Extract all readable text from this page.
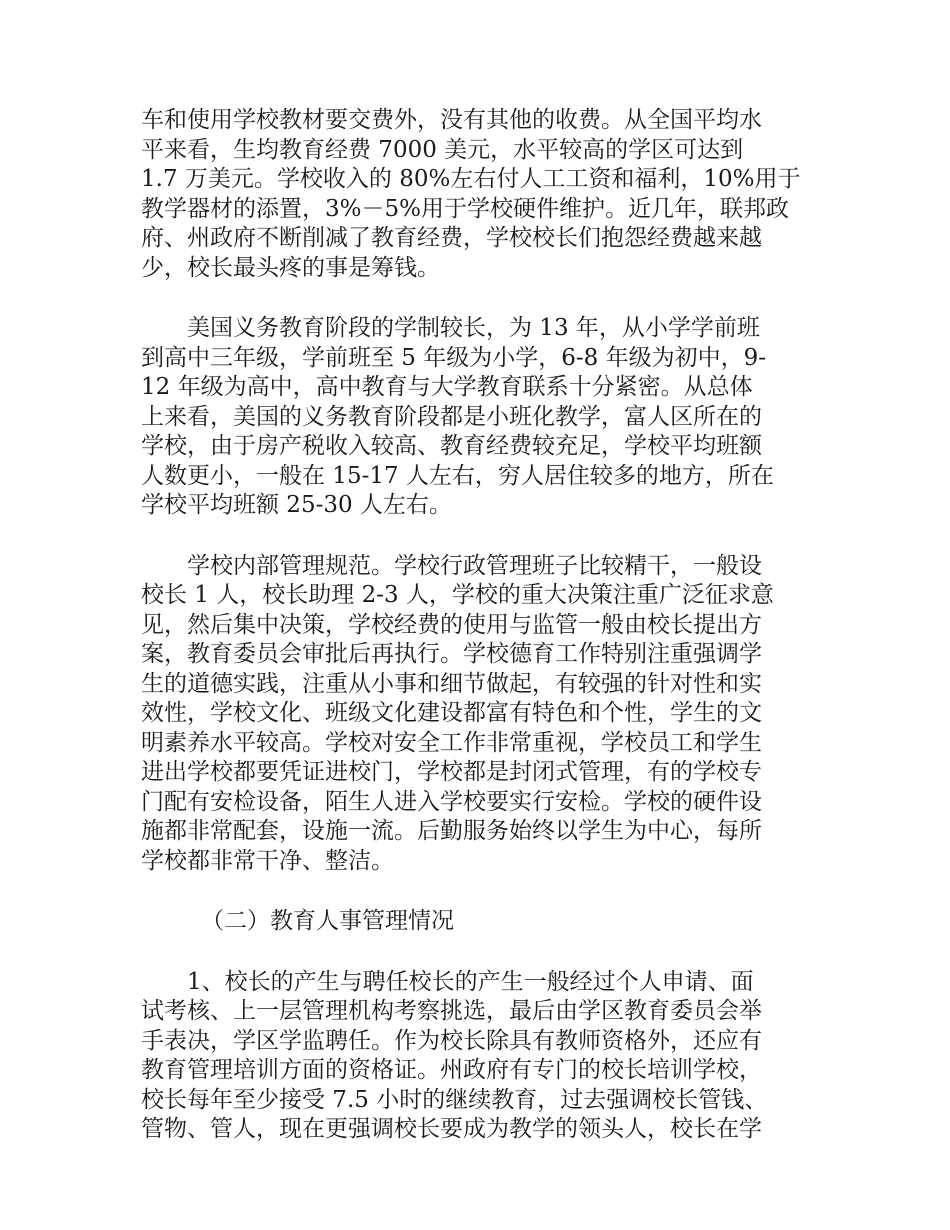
车和使用学校教材要交费外，没有其他的收费。从全国平均水
平来看，生均教育经费 7000 美元，水平较高的学区可达到
1.7 万美元。学校收入的 80%左右付人工工资和福利，10%用于
教学器材的添置，3%－5%用于学校硬件维护。近几年，联邦政
府、州政府不断削减了教育经费，学校校长们抱怨经费越来越
少，校长最头疼的事是筹钱。
美国义务教育阶段的学制较长，为 13 年，从小学学前班
到高中三年级，学前班至 5 年级为小学，6-8 年级为初中，9-
12 年级为高中，高中教育与大学教育联系十分紧密。从总体
上来看，美国的义务教育阶段都是小班化教学，富人区所在的
学校，由于房产税收入较高、教育经费较充足，学校平均班额
人数更小，一般在 15-17 人左右，穷人居住较多的地方，所在
学校平均班额 25-30 人左右。
学校内部管理规范。学校行政管理班子比较精干，一般设
校长 1 人，校长助理 2-3 人，学校的重大决策注重广泛征求意
见，然后集中决策，学校经费的使用与监管一般由校长提出方
案，教育委员会审批后再执行。学校德育工作特别注重强调学
生的道德实践，注重从小事和细节做起，有较强的针对性和实
效性，学校文化、班级文化建设都富有特色和个性，学生的文
明素养水平较高。学校对安全工作非常重视，学校员工和学生
进出学校都要凭证进校门，学校都是封闭式管理，有的学校专
门配有安检设备，陌生人进入学校要实行安检。学校的硬件设
施都非常配套，设施一流。后勤服务始终以学生为中心，每所
学校都非常干净、整洁。
（二）教育人事管理情况
1、校长的产生与聘任校长的产生一般经过个人申请、面
试考核、上一层管理机构考察挑选，最后由学区教育委员会举
手表决，学区学监聘任。作为校长除具有教师资格外，还应有
教育管理培训方面的资格证。州政府有专门的校长培训学校，
校长每年至少接受 7.5 小时的继续教育，过去强调校长管钱、
管物、管人，现在更强调校长要成为教学的领头人，校长在学
